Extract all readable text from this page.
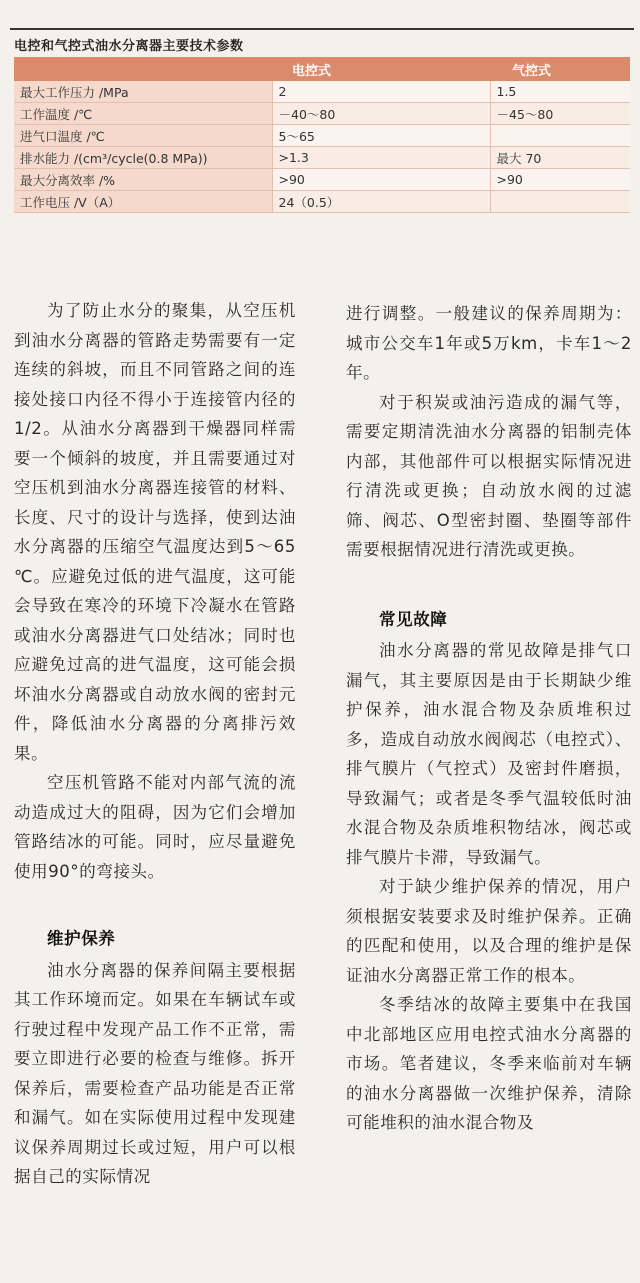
电控和气控式油水分离器主要技术参数
	电控式	气控式
最大工作压力 /MPa	2	1.5
工作温度 /℃	－40～80	－45～80
进气口温度 /℃	5～65	
排水能力 /(cm³/cycle(0.8 MPa))	>1.3	最大 70
最大分离效率 /%	>90	>90
工作电压 /V（A）	24（0.5）	

为了防止水分的聚集，从空压机到油水分离器的管路走势需要有一定连续的斜坡，而且不同管路之间的连接处接口内径不得小于连接管内径的1/2。从油水分离器到干燥器同样需要一个倾斜的坡度，并且需要通过对空压机到油水分离器连接管的材料、长度、尺寸的设计与选择，使到达油水分离器的压缩空气温度达到5～65 ℃。应避免过低的进气温度，这可能会导致在寒冷的环境下冷凝水在管路或油水分离器进气口处结冰；同时也应避免过高的进气温度，这可能会损坏油水分离器或自动放水阀的密封元件，降低油水分离器的分离排污效果。

空压机管路不能对内部气流的流动造成过大的阻碍，因为它们会增加管路结冰的可能。同时，应尽量避免使用90°的弯接头。

维护保养

油水分离器的保养间隔主要根据其工作环境而定。如果在车辆试车或行驶过程中发现产品工作不正常，需要立即进行必要的检查与维修。拆开保养后，需要检查产品功能是否正常和漏气。如在实际使用过程中发现建议保养周期过长或过短，用户可以根据自己的实际情况

进行调整。一般建议的保养周期为：城市公交车1年或5万km，卡车1～2年。

对于积炭或油污造成的漏气等，需要定期清洗油水分离器的铝制壳体内部，其他部件可以根据实际情况进行清洗或更换；自动放水阀的过滤筛、阀芯、O型密封圈、垫圈等部件需要根据情况进行清洗或更换。

常见故障

油水分离器的常见故障是排气口漏气，其主要原因是由于长期缺少维护保养，油水混合物及杂质堆积过多，造成自动放水阀阀芯（电控式）、排气膜片（气控式）及密封件磨损，导致漏气；或者是冬季气温较低时油水混合物及杂质堆积物结冰，阀芯或排气膜片卡滞，导致漏气。

对于缺少维护保养的情况，用户须根据安装要求及时维护保养。正确的匹配和使用，以及合理的维护是保证油水分离器正常工作的根本。

冬季结冰的故障主要集中在我国中北部地区应用电控式油水分离器的市场。笔者建议，冬季来临前对车辆的油水分离器做一次维护保养，清除可能堆积的油水混合物及
